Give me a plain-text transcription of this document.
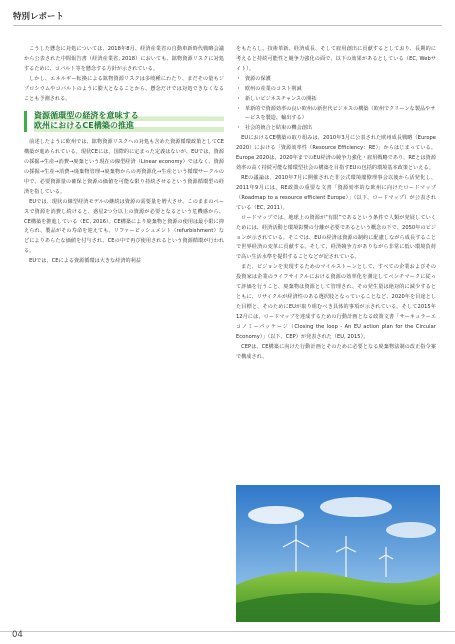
特別レポート

こうした懸念に対処については、2018年8月、経済産業省の自動車新時代戦略会議から公表された中間報告書（経済産業省, 2018）においても、鉱物資源リスクに対処するために、コバルト等を懸念する方針が示されている。

しかし、エネルギー転換による鉱物資源リスクは多岐種にわたり、まだその量もジプロシウムやコバルトのように膨大となることから、懸念だけでは対処できなくなることも予測される。

資源循環型の経済を意味する
欧州におけるCE構築の推進

前述したように欧州では、鉱物資源リスクへの対処も含めた資源循環政策としてCE構築が進められている。現状CEには、国際的に定まった定義はないが、EUでは、資源の採掘→生産→消費→廃棄という現在の線型経済（Linear economy）ではなく、資源の採掘→生産→消費→廃棄物管理→廃棄物からの再資源化→生産という循環サークルの中で、必要資源量の確保と資源の価値を可能な限り持続させるという資源循環型の経済を指している。

EUでは、現状の線型経済モデルの継続は資源の需要量を増大させ、このままのペースで資源を消費し続けると、惑星2つ分以上の資源が必要となるという危機感から、CE構築を推進している（EC, 2016）。CE構築により廃棄物と資源の使用は最小限に抑えられ、製品がその寿命を迎えても、リファービッシュメント（refurbishment）などによりあらたな価値を付与され、CEの中で再び使用されるという資源循環が行われる。

EUでは、CEによる資源循環は大きな経済的利益

をもたらし、技術革新、経済成長、そして雇用創出に貢献するとしており、長期的に考えると持続可能性と競争力強化の面で、以下の効果があるとしている（EC, Webサイト）。

・ 資源の保護
・ 欧州の産業のコスト削減
・ 新しいビジネスチャンスの開拓
・ 革新的で資源効率の良い欧州の新世代ビジネスの構築（欧州でクリーンな製品やサービスを製造、輸出する）
・ 社会的統合と結束の機会創出

EUにおけるCE構築の取り組みは、2010年3月に公表された欧州成長戦略（Europe 2020）における「資源効率性（Resource Efficiency：RE）」からはじまっている。Europe 2020は、2020年までのEU経済の競争力強化・雇用戦略であり、REとは資源効率の高く持続可能な循環型社会の構築を目指すEUの包括的環境基本政策といえる。

REの議論は、2010年7月に開催された非公式環境閣僚理事会以後から活発化し、2011年9月には、RE政策の重要な文書「資源効率的な欧州に向けたロードマップ（Roadmap to a resource efficient Europe）」（以下、ロードマップ）が公表されている（EC, 2011）。

ロードマップでは、地球上の資源が“有限”であるという条件で人類が発展していくためには、経済活動と環境影響の分離が必要であるという概念の下で、2050年のビジョンが示されている。そこでは、EUの経済は資源の制約に配慮しながら成長することで世界経済の変革に貢献する。そして、経済競争力がありながら非常に低い環境負荷で高い生活水準を提供することなどが記されている。

また、ビジョンを実現するためのマイルストーンとして、すべての企業およびその投資家は企業のライフサイクルにおける資源の効率化を測定してベンチマークに従って評価を行うこと、廃棄物は資源として管理され、その発生量は絶対的に減少するとともに、リサイクルが経済性のある選択肢となっていることなど、2020年を目途とした目標と、そのためにEUが取り組むべき具体的事項が示されている。そして2015年12月には、ロードマップを達成するための行動計画となる政策文書「サーキュラーエコノミーパッケージ（Closing the loop - An EU action plan for the Circular Economy）」（以下、CEP）が発表された（EU, 2015）。

CEPは、CE構築に向けた行動計画とそのために必要となる廃棄物法制の改正指令案で構成され、

04
